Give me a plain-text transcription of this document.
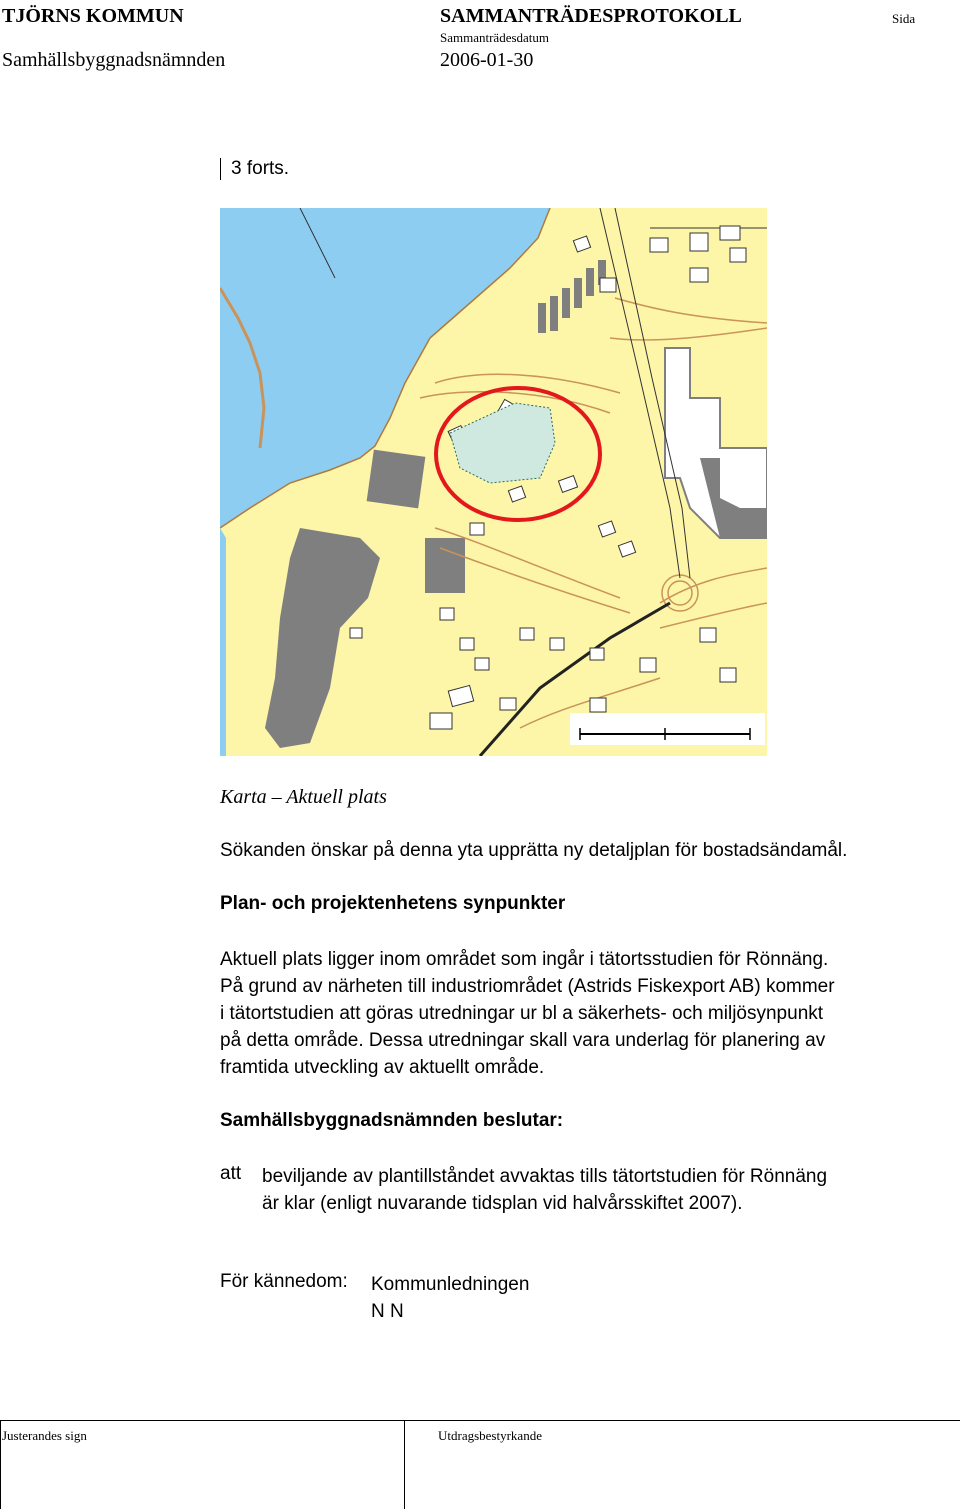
TJÖRNS KOMMUN	SAMMANTRÄDESPROTOKOLL	Sida
Sammanträdesdatum
Samhällsbyggnadsnämnden	2006-01-30
3 forts.
Karta – Aktuell plats
Sökanden önskar på denna yta upprätta ny detaljplan för bostadsändamål.
Plan- och projektenhetens synpunkter
Aktuell plats ligger inom området som ingår i tätortsstudien för Rönnäng.
På grund av närheten till industriområdet (Astrids Fiskexport AB) kommer
i tätortstudien att göras utredningar ur bl a säkerhets- och miljösynpunkt
på detta område. Dessa utredningar skall vara underlag för planering av
framtida utveckling av aktuellt område.
Samhällsbyggnadsnämnden beslutar:
att beviljande av plantillståndet avvaktas tills tätortstudien för Rönnäng
är klar (enligt nuvarande tidsplan vid halvårsskiftet 2007).
För kännedom: Kommunledningen
N N
Justerandes sign	Utdragsbestyrkande
